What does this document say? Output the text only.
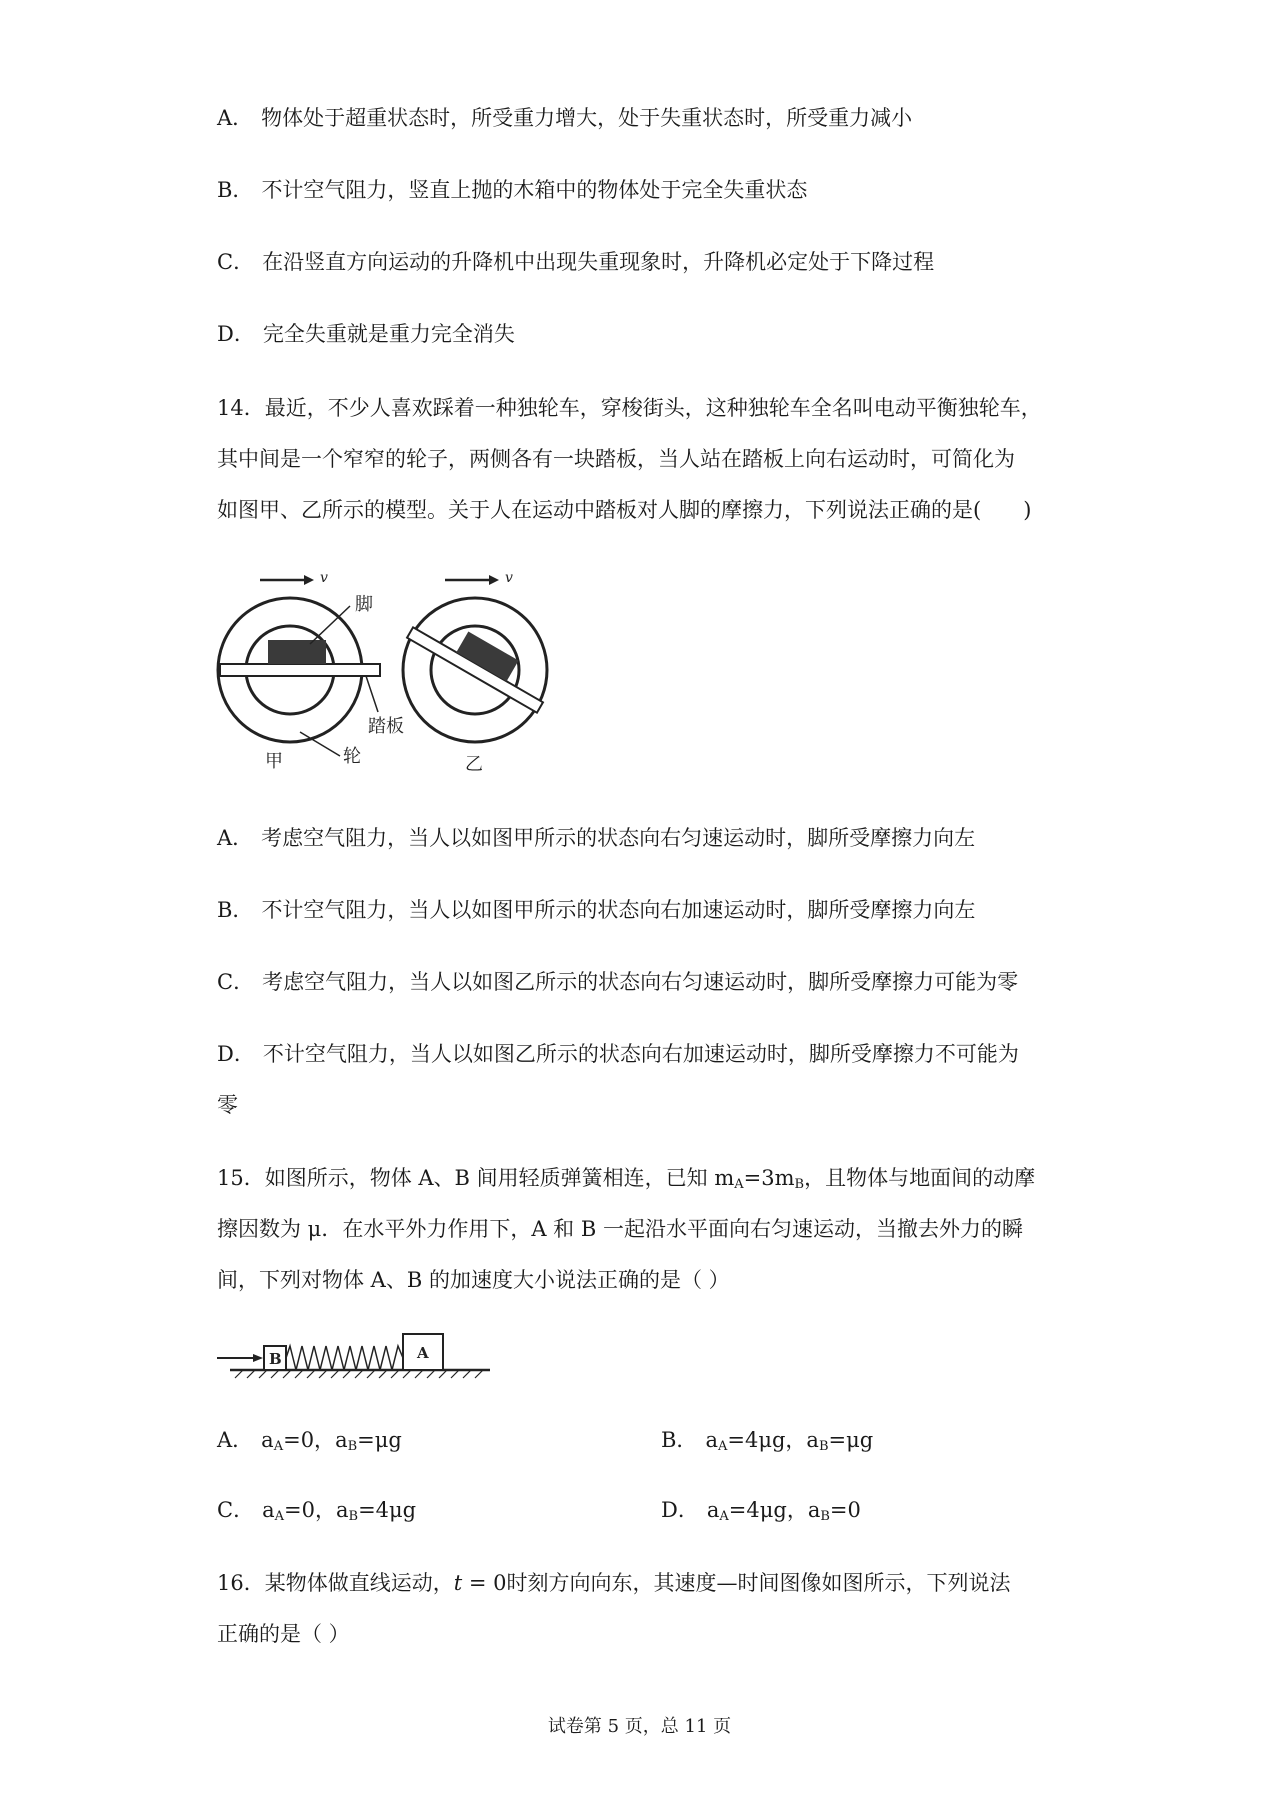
A． 物体处于超重状态时，所受重力增大，处于失重状态时，所受重力减小
B． 不计空气阻力，竖直上抛的木箱中的物体处于完全失重状态
C． 在沿竖直方向运动的升降机中出现失重现象时，升降机必定处于下降过程
D． 完全失重就是重力完全消失
14．最近，不少人喜欢踩着一种独轮车，穿梭街头，这种独轮车全名叫电动平衡独轮车，
其中间是一个窄窄的轮子，两侧各有一块踏板，当人站在踏板上向右运动时，可简化为
如图甲、乙所示的模型。关于人在运动中踏板对人脚的摩擦力，下列说法正确的是(　　)
v
脚
踏板
轮
甲
v
乙
A． 考虑空气阻力，当人以如图甲所示的状态向右匀速运动时，脚所受摩擦力向左
B． 不计空气阻力，当人以如图甲所示的状态向右加速运动时，脚所受摩擦力向左
C． 考虑空气阻力，当人以如图乙所示的状态向右匀速运动时，脚所受摩擦力可能为零
D． 不计空气阻力，当人以如图乙所示的状态向右加速运动时，脚所受摩擦力不可能为
零
15．如图所示，物体 A、B 间用轻质弹簧相连，已知 $m_A=3m_B$，且物体与地面间的动摩
擦因数为 μ．在水平外力作用下，A 和 B 一起沿水平面向右匀速运动，当撤去外力的瞬
间，下列对物体 A、B 的加速度大小说法正确的是（ ）
B	A
A． $a_A=0$，$a_B=\mu g$	B． $a_A=4\mu g$，$a_B=\mu g$
C． $a_A=0$，$a_B=4\mu g$	D． $a_A=4\mu g$，$a_B=0$
16．某物体做直线运动，t = 0时刻方向向东，其速度—时间图像如图所示，下列说法
正确的是（ ）
试卷第 5 页，总 11 页
